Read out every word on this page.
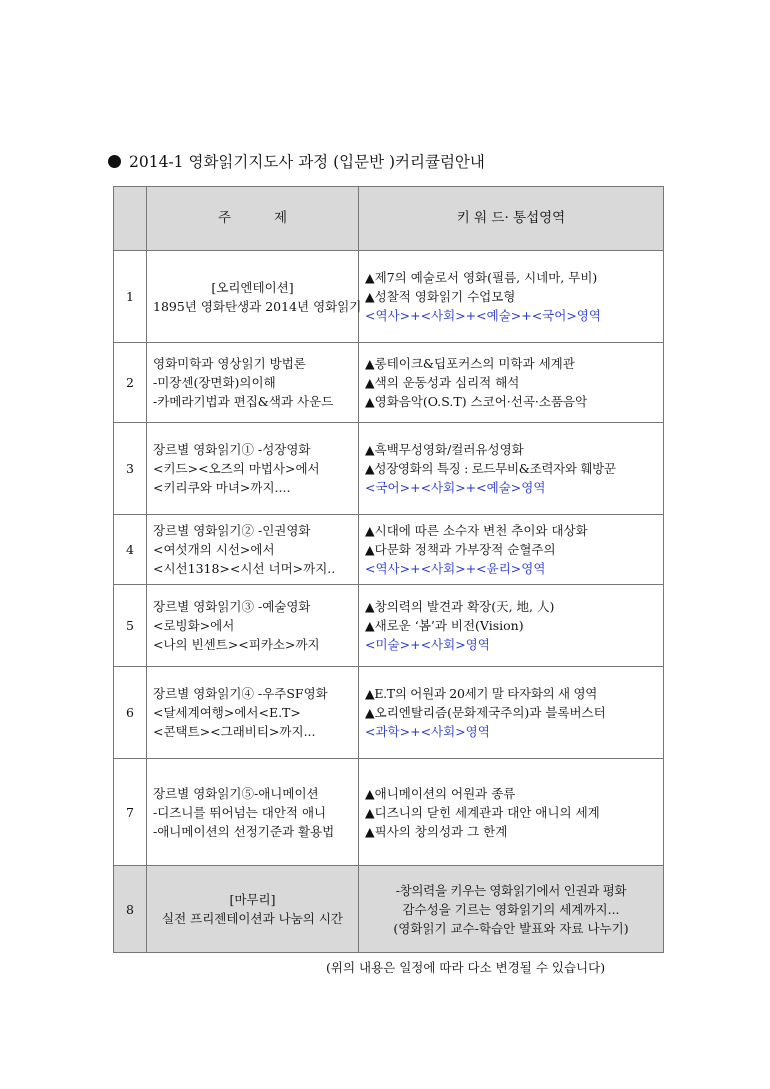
2014-1 영화읽기지도사 과정 (입문반 )커리큘럼안내
	주          제	키 워 드· 통섭영역
1	[오리엔테이션]
1895년 영화탄생과 2014년 영화읽기	▲제7의 예술로서 영화(필름, 시네마, 무비)
▲성찰적 영화읽기 수업모형
<역사>+<사회>+<예술>+<국어>영역

2	영화미학과 영상읽기 방법론
-미장센(장면화)의이해
-카메라기법과 편집&색과 사운드	▲롱테이크&딥포커스의 미학과 세계관
▲색의 운동성과 심리적 해석
▲영화음악(O.S.T) 스코어·선곡·소품음악

3	장르별 영화읽기① -성장영화
<키드><오즈의 마법사>에서
<키리쿠와 마녀>까지....	▲흑백무성영화/컬러유성영화
▲성장영화의 특징 : 로드무비&조력자와 훼방꾼
<국어>+<사회>+<예술>영역

4	장르별 영화읽기② -인권영화
<여섯개의 시선>에서
<시선1318><시선 너머>까지..	▲시대에 따른 소수자 변천 추이와 대상화
▲다문화 정책과 가부장적 순혈주의
<역사>+<사회>+<윤리>영역

5	장르별 영화읽기③ -예술영화
<로빙화>에서
<나의 빈센트><피카소>까지	▲창의력의 발견과 확장(天, 地, 人)
▲새로운 ‘봄’과 비전(Vision)
<미술>+<사회>영역

6	장르별 영화읽기④ -우주SF영화
<달세계여행>에서<E.T>
<콘택트><그래비티>까지...	▲E.T의 어원과 20세기 말 타자화의 새 영역
▲오리엔탈리즘(문화제국주의)과 블록버스터
<과학>+<사회>영역

7	장르별 영화읽기⑤-애니메이션
-디즈니를 뛰어넘는 대안적 애니
-애니메이션의 선정기준과 활용법	▲애니메이션의 어원과 종류
▲디즈니의 닫힌 세계관과 대안 애니의 세계
▲픽사의 창의성과 그 한계

8	[마무리]
실전 프리젠테이션과 나눔의 시간	-창의력을 키우는 영화읽기에서 인권과 평화
감수성을 기르는 영화읽기의 세계까지...
(영화읽기 교수-학습안 발표와 자료 나누기)
(위의 내용은 일정에 따라 다소 변경될 수 있습니다)
